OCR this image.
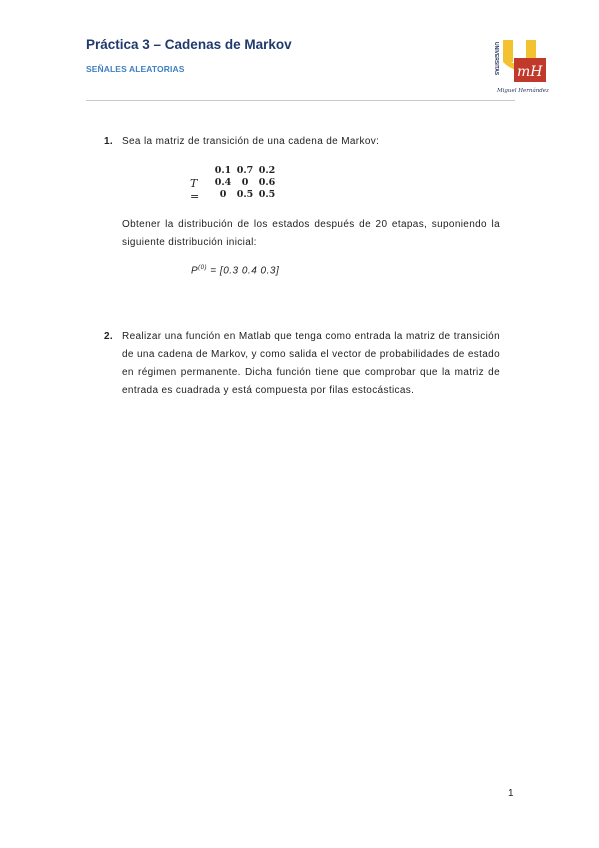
Práctica 3 – Cadenas de Markov
SEÑALES ALEATORIAS	mH
UNIVERSITAS
Miguel Hernández
1. Sea la matriz de transición de una cadena de Markov:
T =
0.1 0.7 0.2
0.4	0	0.6
0	0.5 0.5
Obtener la distribución de los estados después de 20 etapas, suponiendo la siguiente distribución inicial:
$P^{(0)} = [0.3$ 0.4 0.3]
2. Realizar una función en Matlab que tenga como entrada la matriz de transición de una cadena de Markov, y como salida el vector de probabilidades de estado en régimen permanente. Dicha función tiene que comprobar que la matriz de entrada es cuadrada y está compuesta por filas estocásticas.
1
